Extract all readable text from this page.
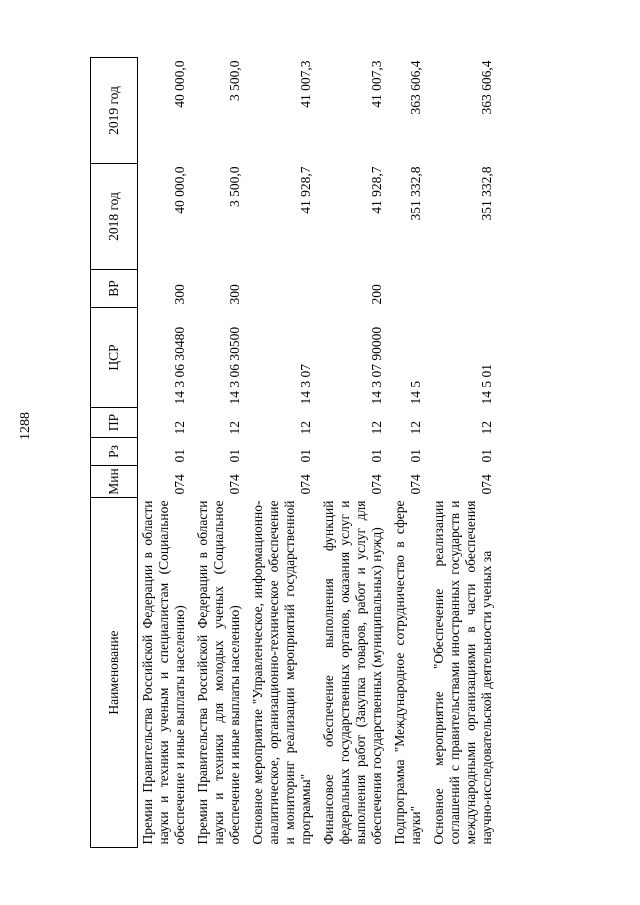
1288
Наименование	Мин	Рз	ПР	ЦСР	ВР	2018 год	2019 год
Премии Правительства Российской Федерации в области науки и техники ученым и специалистам (Социальное обеспечение и иные выплаты населению)	074	01	12	14 3 06 30480	300	40 000,0	40 000,0
Премии Правительства Российской Федерации в области науки и техники для молодых ученых (Социальное обеспечение и иные выплаты населению)	074	01	12	14 3 06 30500	300	3 500,0	3 500,0
Основное мероприятие "Управленческое, информационно-аналитическое, организационно-техническое обеспечение и мониторинг реализации мероприятий государственной программы"	074	01	12	14 3 07		41 928,7	41 007,3
Финансовое обеспечение выполнения функций федеральных государственных органов, оказания услуг и выполнения работ (Закупка товаров, работ и услуг для обеспечения государственных (муниципальных) нужд)	074	01	12	14 3 07 90000	200	41 928,7	41 007,3
Подпрограмма "Международное сотрудничество в сфере науки"	074	01	12	14 5		351 332,8	363 606,4
Основное мероприятие "Обеспечение реализации соглашений с правительствами иностранных государств и международными организациями в части обеспечения научно-исследовательской деятельности ученых за	074	01	12	14 5 01		351 332,8	363 606,4
